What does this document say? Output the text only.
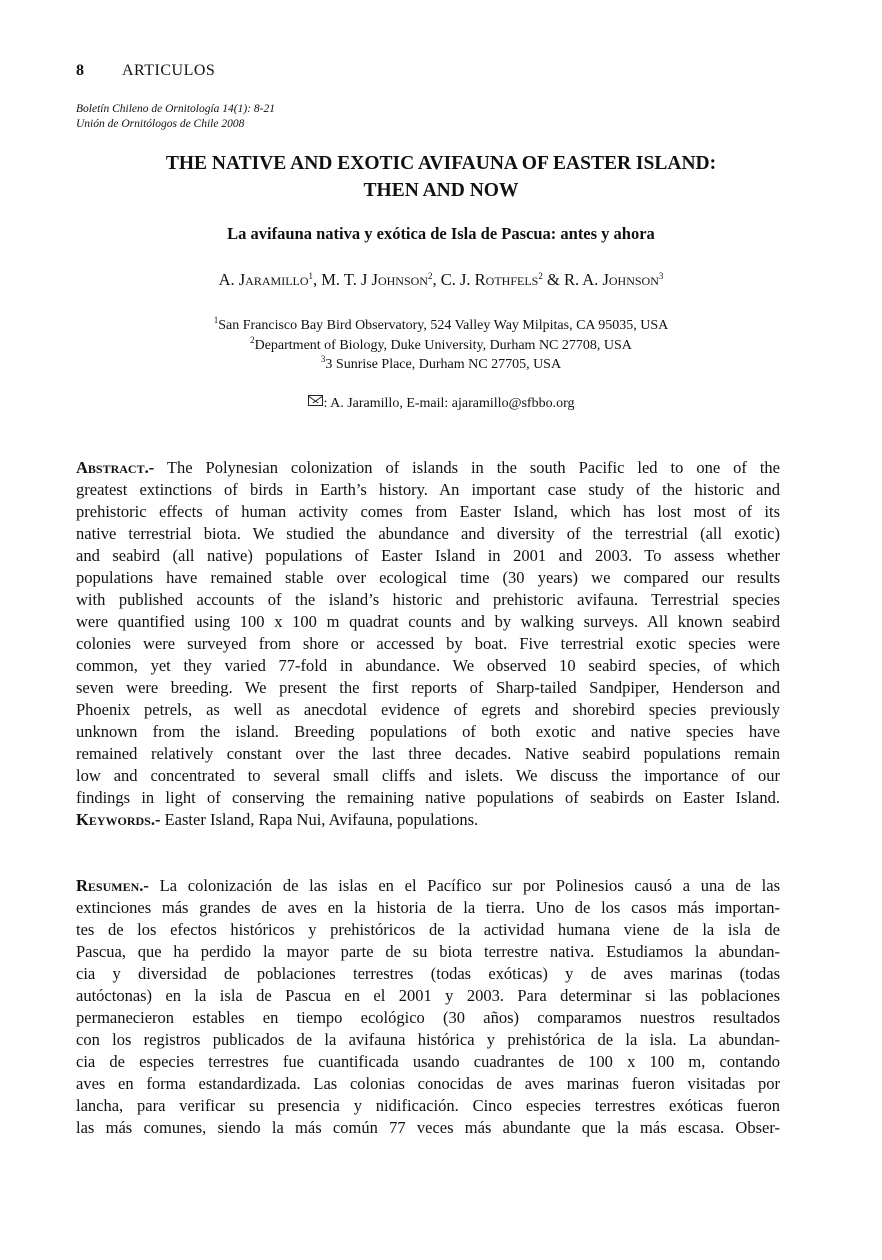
8 ARTICULOS
Boletín Chileno de Ornitología 14(1): 8-21
Unión de Ornitólogos de Chile 2008
THE NATIVE AND EXOTIC AVIFAUNA OF EASTER ISLAND:
THEN AND NOW
La avifauna nativa y exótica de Isla de Pascua: antes y ahora
A. Jaramillo$^1$, M. T. J Johnson$^2$, C. J. Rothfels$^2$ & R. A. Johnson$^3$
$^1$San Francisco Bay Bird Observatory, 524 Valley Way Milpitas, CA 95035, USA
$^2$Department of Biology, Duke University, Durham NC 27708, USA
$^3$3 Sunrise Place, Durham NC 27705, USA
: A. Jaramillo, E-mail: ajaramillo@sfbbo.org
Abstract.- The Polynesian colonization of islands in the south Pacific led to one of the
greatest extinctions of birds in Earth’s history. An important case study of the historic and
prehistoric effects of human activity comes from Easter Island, which has lost most of its
native terrestrial biota. We studied the abundance and diversity of the terrestrial (all exotic)
and seabird (all native) populations of Easter Island in 2001 and 2003. To assess whether
populations have remained stable over ecological time (30 years) we compared our results
with published accounts of the island’s historic and prehistoric avifauna. Terrestrial species
were quantified using 100 x 100 m quadrat counts and by walking surveys. All known seabird
colonies were surveyed from shore or accessed by boat. Five terrestrial exotic species were
common, yet they varied 77-fold in abundance. We observed 10 seabird species, of which
seven were breeding. We present the first reports of Sharp-tailed Sandpiper, Henderson and
Phoenix petrels, as well as anecdotal evidence of egrets and shorebird species previously
unknown from the island. Breeding populations of both exotic and native species have
remained relatively constant over the last three decades. Native seabird populations remain
low and concentrated to several small cliffs and islets. We discuss the importance of our
findings in light of conserving the remaining native populations of seabirds on Easter Island.
Keywords.- Easter Island, Rapa Nui, Avifauna, populations.
Resumen.- La colonización de las islas en el Pacífico sur por Polinesios causó a una de las
extinciones más grandes de aves en la historia de la tierra. Uno de los casos más importan-
tes de los efectos históricos y prehistóricos de la actividad humana viene de la isla de
Pascua, que ha perdido la mayor parte de su biota terrestre nativa. Estudiamos la abundan-
cia y diversidad de poblaciones terrestres (todas exóticas) y de aves marinas (todas
autóctonas) en la isla de Pascua en el 2001 y 2003. Para determinar si las poblaciones
permanecieron estables en tiempo ecológico (30 años) comparamos nuestros resultados
con los registros publicados de la avifauna histórica y prehistórica de la isla. La abundan-
cia de especies terrestres fue cuantificada usando cuadrantes de 100 x 100 m, contando
aves en forma estandardizada. Las colonias conocidas de aves marinas fueron visitadas por
lancha, para verificar su presencia y nidificación. Cinco especies terrestres exóticas fueron
las más comunes, siendo la más común 77 veces más abundante que la más escasa. Obser-
